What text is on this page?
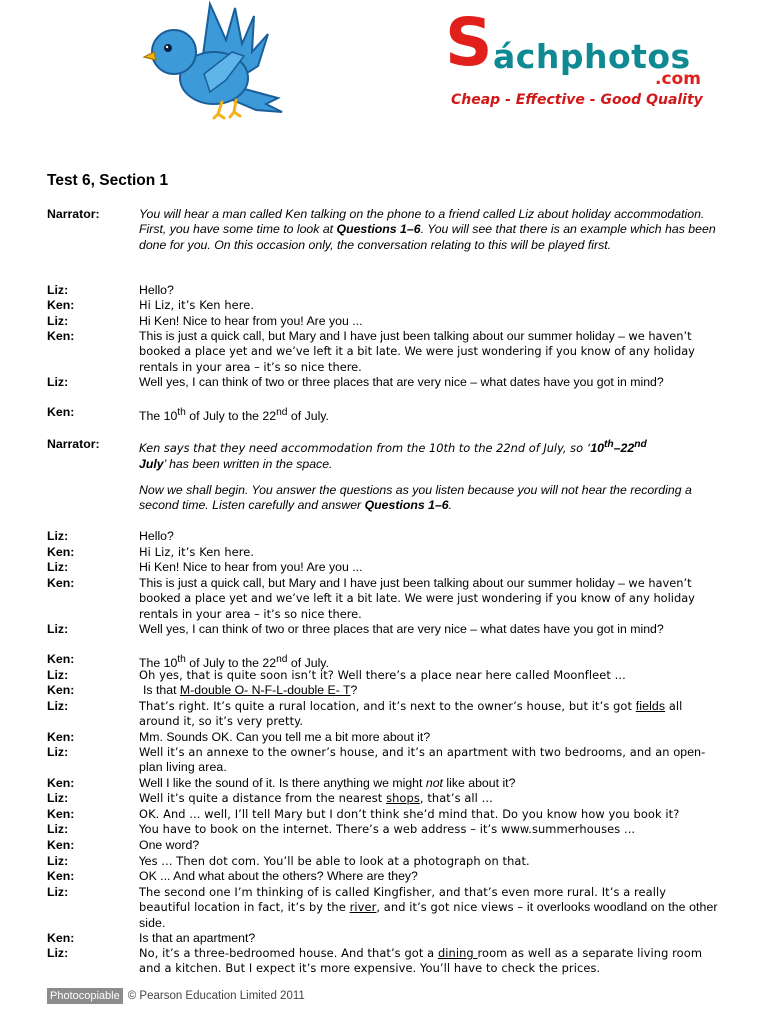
S áchphotos
.com
Cheap - Effective - Good Quality
Test 6, Section 1
Narrator:	You will hear a man called Ken talking on the phone to a friend called Liz about holiday accommodation. First, you have some time to look at Questions 1–6. You will see that there is an example which has been done for you. On this occasion only, the conversation relating to this will be played first.
Liz:	Hello?
Ken:	Hi Liz, it’s Ken here.
Liz:	Hi Ken! Nice to hear from you! Are you ...
Ken:	This is just a quick call, but Mary and I have just been talking about our summer holiday – we haven’t booked a place yet and we’ve left it a bit late. We were just wondering if you know of any holiday rentals in your area – it’s so nice there.
Liz:	Well yes, I can think of two or three places that are very nice – what dates have you got in mind?
Ken:	The 10th of July to the 22nd of July.
Narrator:	Ken says that they need accommodation from the 10th to the 22nd of July, so ‘10th–22nd
July’ has been written in the space.
Now we shall begin. You answer the questions as you listen because you will not hear the recording a second time. Listen carefully and answer Questions 1–6.
Liz:	Hello?
Ken:	Hi Liz, it’s Ken here.
Liz:	Hi Ken! Nice to hear from you! Are you ...
Ken:	This is just a quick call, but Mary and I have just been talking about our summer holiday – we haven’t booked a place yet and we’ve left it a bit late. We were just wondering if you know of any holiday rentals in your area – it’s so nice there.
Liz:	Well yes, I can think of two or three places that are very nice – what dates have you got in mind?
Ken:	The 10th of July to the 22nd of July.
Liz:	Oh yes, that is quite soon isn’t it? Well there’s a place near here called Moonfleet ...
Ken:	Is that M-double O- N-F-L-double E- T?
Liz:	That’s right. It’s quite a rural location, and it’s next to the owner’s house, but it’s got fields all around it, so it’s very pretty.
Ken:	Mm. Sounds OK. Can you tell me a bit more about it?
Liz:	Well it’s an annexe to the owner’s house, and it’s an apartment with two bedrooms, and an open-plan living area.
Ken:	Well I like the sound of it. Is there anything we might not like about it?
Liz:	Well it’s quite a distance from the nearest shops, that’s all ...
Ken:	OK. And ... well, I’ll tell Mary but I don’t think she’d mind that. Do you know how you book it?
Liz:	You have to book on the internet. There’s a web address – it’s www.summerhouses ...
Ken:	One word?
Liz:	Yes ... Then dot com. You’ll be able to look at a photograph on that.
Ken:	OK ... And what about the others? Where are they?
Liz:	The second one I’m thinking of is called Kingfisher, and that’s even more rural. It’s a really beautiful location in fact, it’s by the river, and it’s got nice views – it overlooks woodland on the other side.
Ken:	Is that an apartment?
Liz:	No, it’s a three-bedroomed house. And that’s got a dining room as well as a separate living room and a kitchen. But I expect it’s more expensive. You’ll have to check the prices.
Photocopiable © Pearson Education Limited 2011
